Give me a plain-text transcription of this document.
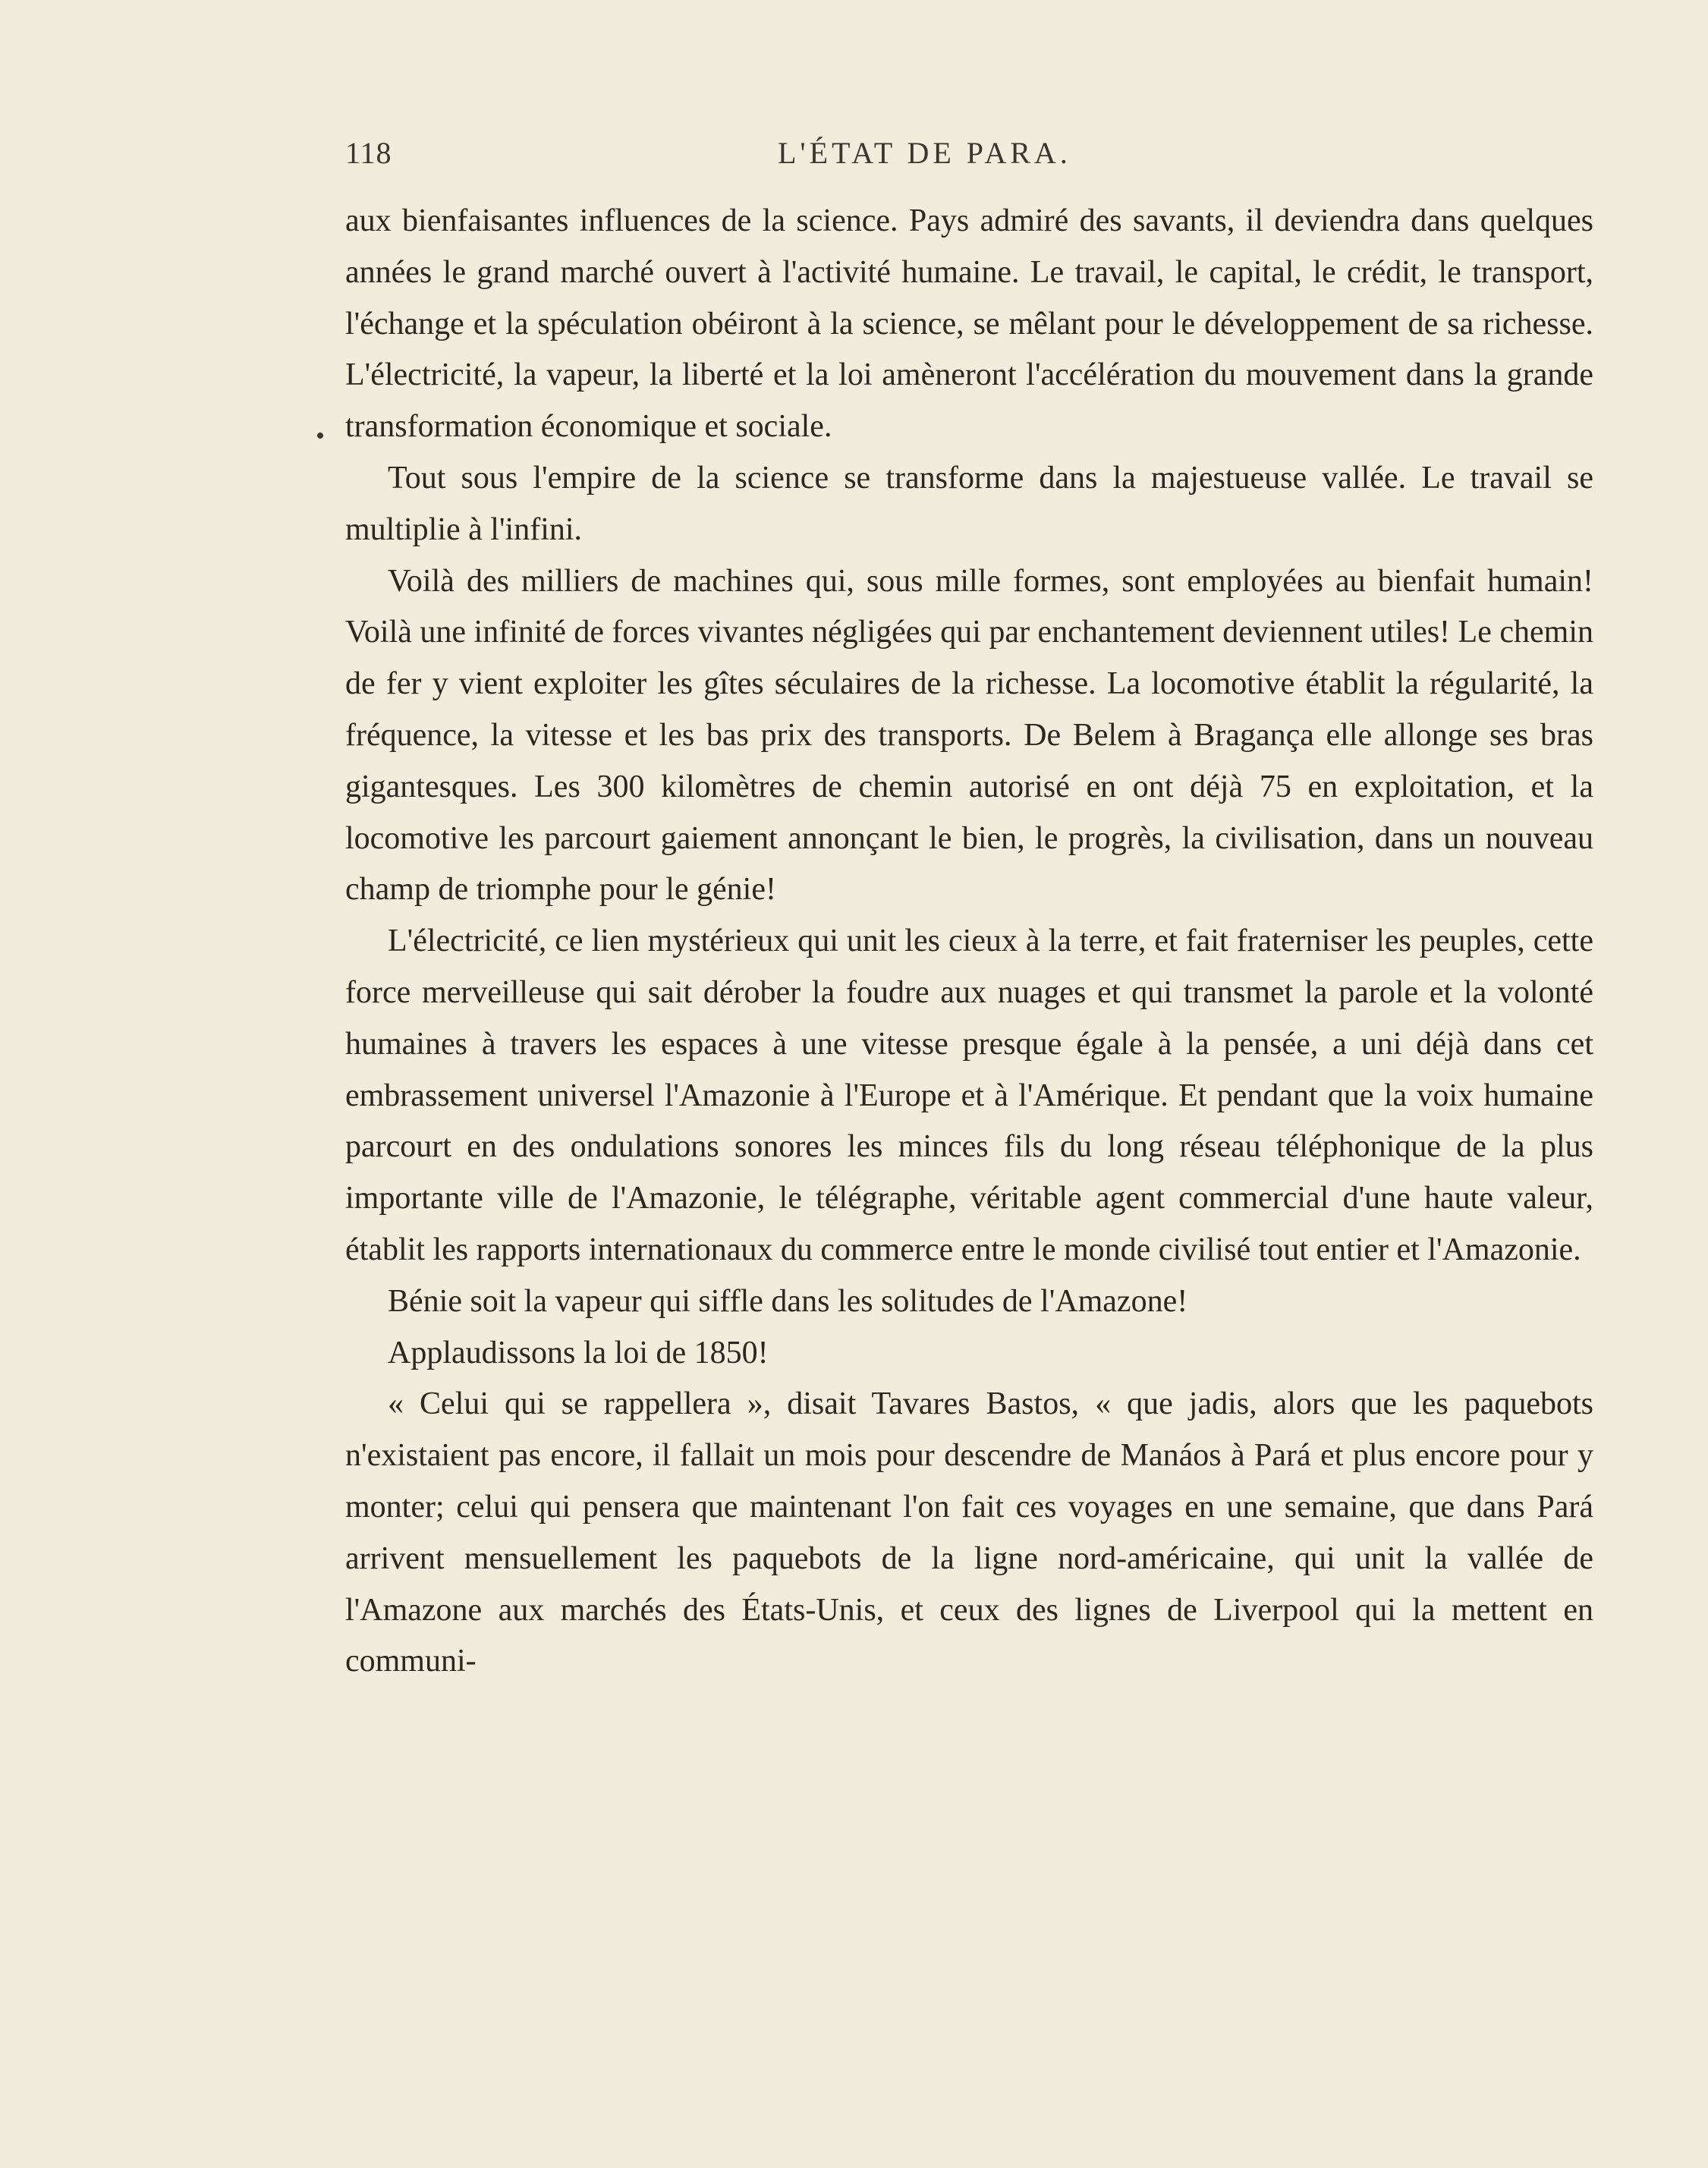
118	L'ÉTAT DE PARA.

aux bienfaisantes influences de la science. Pays admiré des savants, il deviendra dans quelques années le grand marché ouvert à l'activité humaine. Le travail, le capital, le crédit, le transport, l'échange et la spéculation obéiront à la science, se mêlant pour le développement de sa richesse. L'électricité, la vapeur, la liberté et la loi amèneront l'accélération du mouvement dans la grande transformation économique et sociale.

Tout sous l'empire de la science se transforme dans la majestueuse vallée. Le travail se multiplie à l'infini.

Voilà des milliers de machines qui, sous mille formes, sont employées au bienfait humain! Voilà une infinité de forces vivantes négligées qui par enchantement deviennent utiles! Le chemin de fer y vient exploiter les gîtes séculaires de la richesse. La locomotive établit la régularité, la fréquence, la vitesse et les bas prix des transports. De Belem à Bragança elle allonge ses bras gigantesques. Les 300 kilomètres de chemin autorisé en ont déjà 75 en exploitation, et la locomotive les parcourt gaiement annonçant le bien, le progrès, la civilisation, dans un nouveau champ de triomphe pour le génie!

L'électricité, ce lien mystérieux qui unit les cieux à la terre, et fait fraterniser les peuples, cette force merveilleuse qui sait dérober la foudre aux nuages et qui transmet la parole et la volonté humaines à travers les espaces à une vitesse presque égale à la pensée, a uni déjà dans cet embrassement universel l'Amazonie à l'Europe et à l'Amérique. Et pendant que la voix humaine parcourt en des ondulations sonores les minces fils du long réseau téléphonique de la plus importante ville de l'Amazonie, le télégraphe, véritable agent commercial d'une haute valeur, établit les rapports internationaux du commerce entre le monde civilisé tout entier et l'Amazonie.

Bénie soit la vapeur qui siffle dans les solitudes de l'Amazone!

Applaudissons la loi de 1850!

« Celui qui se rappellera », disait Tavares Bastos, « que jadis, alors que les paquebots n'existaient pas encore, il fallait un mois pour descendre de Manáos à Pará et plus encore pour y monter; celui qui pensera que maintenant l'on fait ces voyages en une semaine, que dans Pará arrivent mensuellement les paquebots de la ligne nord-américaine, qui unit la vallée de l'Amazone aux marchés des États-Unis, et ceux des lignes de Liverpool qui la mettent en communi-
